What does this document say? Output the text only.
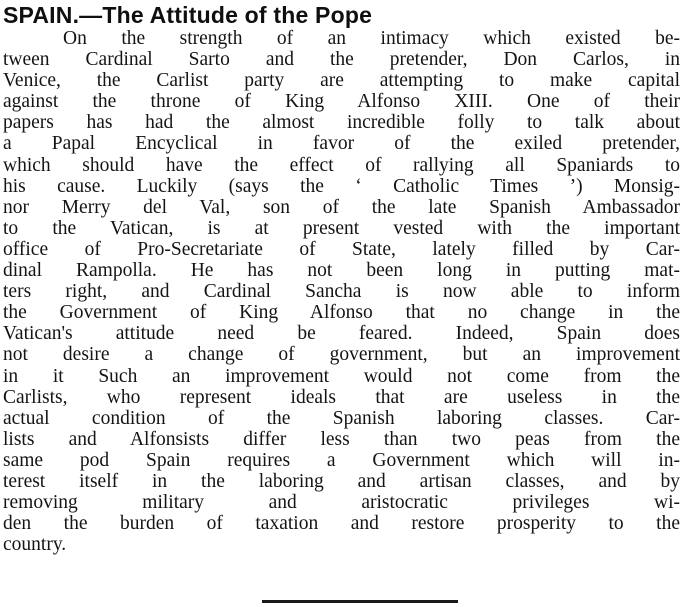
SPAIN.—The Attitude of the Pope
On the strength of an intimacy which existed be-
tween Cardinal Sarto and the pretender, Don Carlos, in
Venice, the Carlist party are attempting to make capital
against the throne of King Alfonso XIII. One of their
papers has had the almost incredible folly to talk about
a Papal Encyclical in favor of the exiled pretender,
which should have the effect of rallying all Spaniards to
his cause. Luckily (says the ‘ Catholic Times ’) Monsig-
nor Merry del Val, son of the late Spanish Ambassador
to the Vatican, is at present vested with the important
office of Pro-Secretariate of State, lately filled by Car-
dinal Rampolla. He has not been long in putting mat-
ters right, and Cardinal Sancha is now able to inform
the Government of King Alfonso that no change in the
Vatican's attitude need be feared. Indeed, Spain does
not desire a change of government, but an improvement
in it Such an improvement would not come from the
Carlists, who represent ideals that are useless in the
actual condition of the Spanish laboring classes. Car-
lists and Alfonsists differ less than two peas from the
same pod Spain requires a Government which will in-
terest itself in the laboring and artisan classes, and by
removing military and aristocratic privileges wi-
den the burden of taxation and restore prosperity to the
country.
